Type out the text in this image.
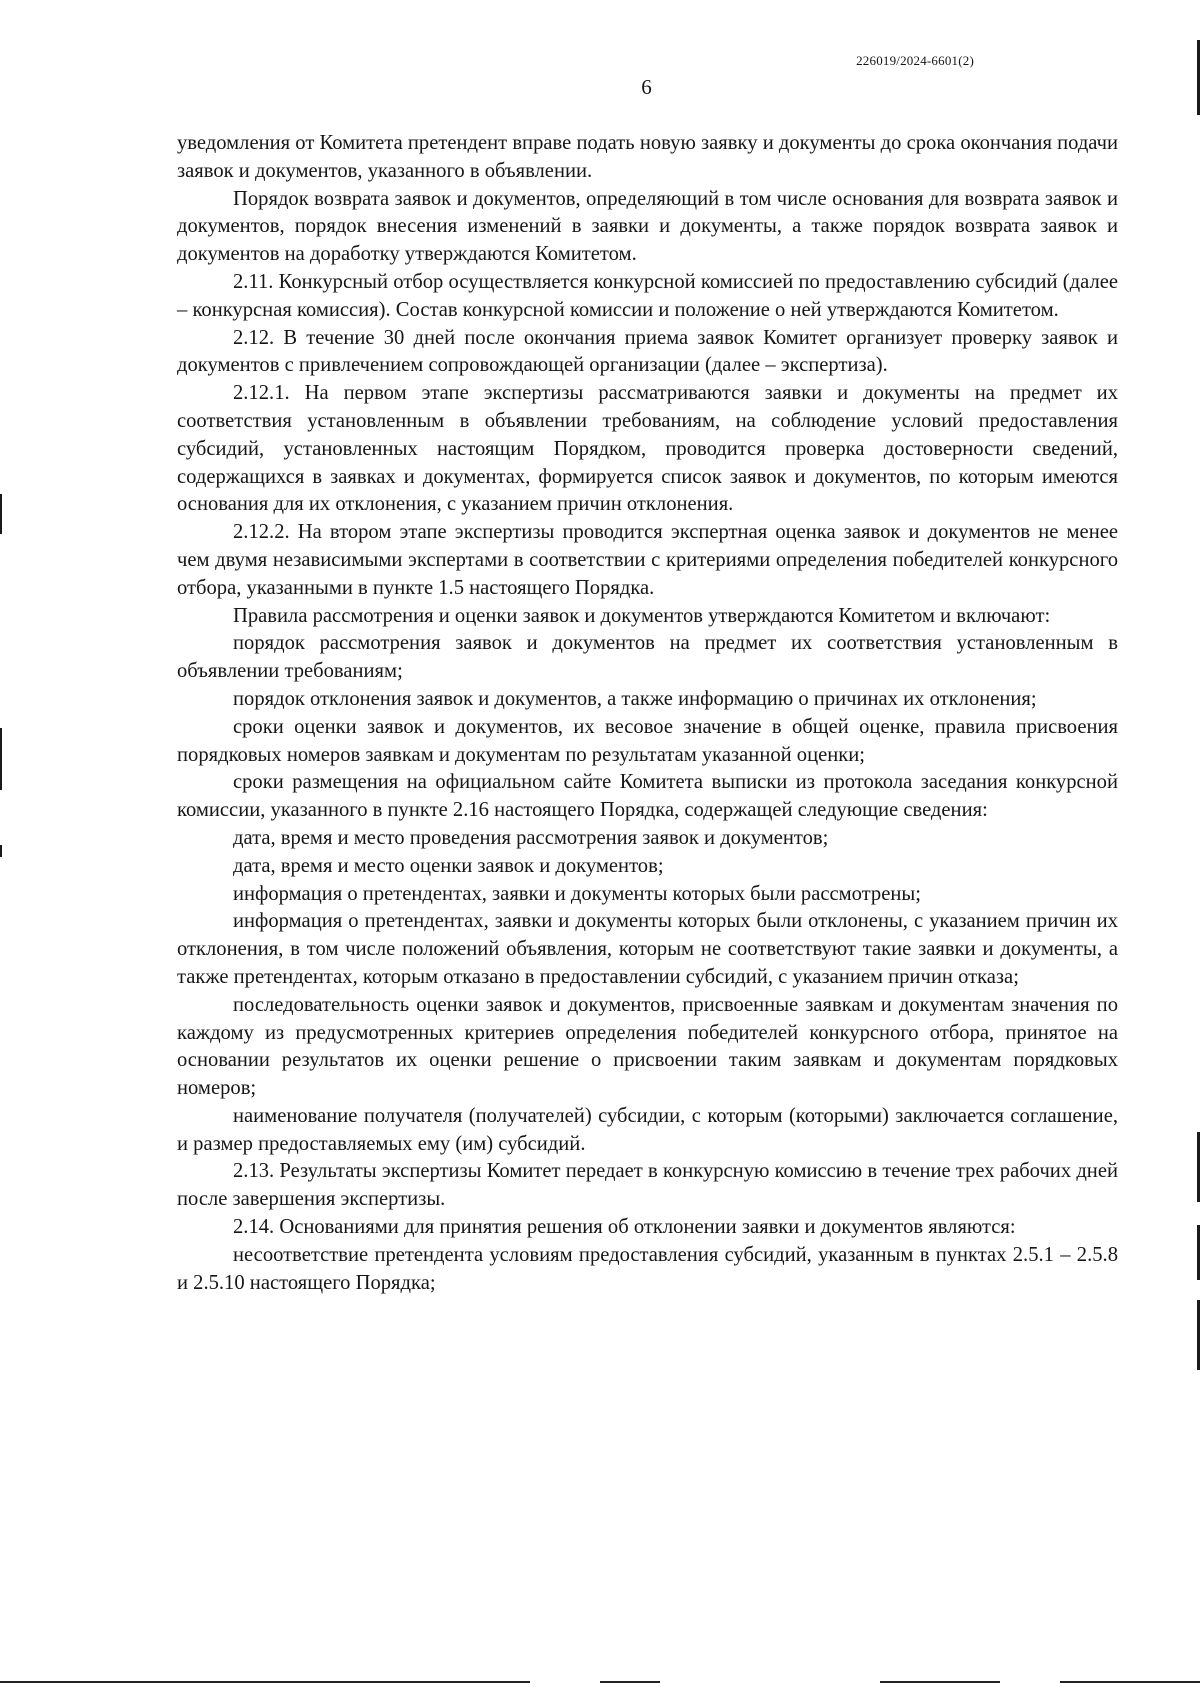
226019/2024-6601(2)
6

уведомления от Комитета претендент вправе подать новую заявку и документы до срока окончания подачи заявок и документов, указанного в объявлении.

Порядок возврата заявок и документов, определяющий в том числе основания для возврата заявок и документов, порядок внесения изменений в заявки и документы, а также порядок возврата заявок и документов на доработку утверждаются Комитетом.

2.11. Конкурсный отбор осуществляется конкурсной комиссией по предоставлению субсидий (далее – конкурсная комиссия). Состав конкурсной комиссии и положение о ней утверждаются Комитетом.

2.12. В течение 30 дней после окончания приема заявок Комитет организует проверку заявок и документов с привлечением сопровождающей организации (далее – экспертиза).

2.12.1. На первом этапе экспертизы рассматриваются заявки и документы на предмет их соответствия установленным в объявлении требованиям, на соблюдение условий предоставления субсидий, установленных настоящим Порядком, проводится проверка достоверности сведений, содержащихся в заявках и документах, формируется список заявок и документов, по которым имеются основания для их отклонения, с указанием причин отклонения.

2.12.2. На втором этапе экспертизы проводится экспертная оценка заявок и документов не менее чем двумя независимыми экспертами в соответствии с критериями определения победителей конкурсного отбора, указанными в пункте 1.5 настоящего Порядка.

Правила рассмотрения и оценки заявок и документов утверждаются Комитетом и включают:

порядок рассмотрения заявок и документов на предмет их соответствия установленным в объявлении требованиям;

порядок отклонения заявок и документов, а также информацию о причинах их отклонения;

сроки оценки заявок и документов, их весовое значение в общей оценке, правила присвоения порядковых номеров заявкам и документам по результатам указанной оценки;

сроки размещения на официальном сайте Комитета выписки из протокола заседания конкурсной комиссии, указанного в пункте 2.16 настоящего Порядка, содержащей следующие сведения:

дата, время и место проведения рассмотрения заявок и документов;

дата, время и место оценки заявок и документов;

информация о претендентах, заявки и документы которых были рассмотрены;

информация о претендентах, заявки и документы которых были отклонены, с указанием причин их отклонения, в том числе положений объявления, которым не соответствуют такие заявки и документы, а также претендентах, которым отказано в предоставлении субсидий, с указанием причин отказа;

последовательность оценки заявок и документов, присвоенные заявкам и документам значения по каждому из предусмотренных критериев определения победителей конкурсного отбора, принятое на основании результатов их оценки решение о присвоении таким заявкам и документам порядковых номеров;

наименование получателя (получателей) субсидии, с которым (которыми) заключается соглашение, и размер предоставляемых ему (им) субсидий.

2.13. Результаты экспертизы Комитет передает в конкурсную комиссию в течение трех рабочих дней после завершения экспертизы.

2.14. Основаниями для принятия решения об отклонении заявки и документов являются:

несоответствие претендента условиям предоставления субсидий, указанным в пунктах 2.5.1 – 2.5.8 и 2.5.10 настоящего Порядка;
